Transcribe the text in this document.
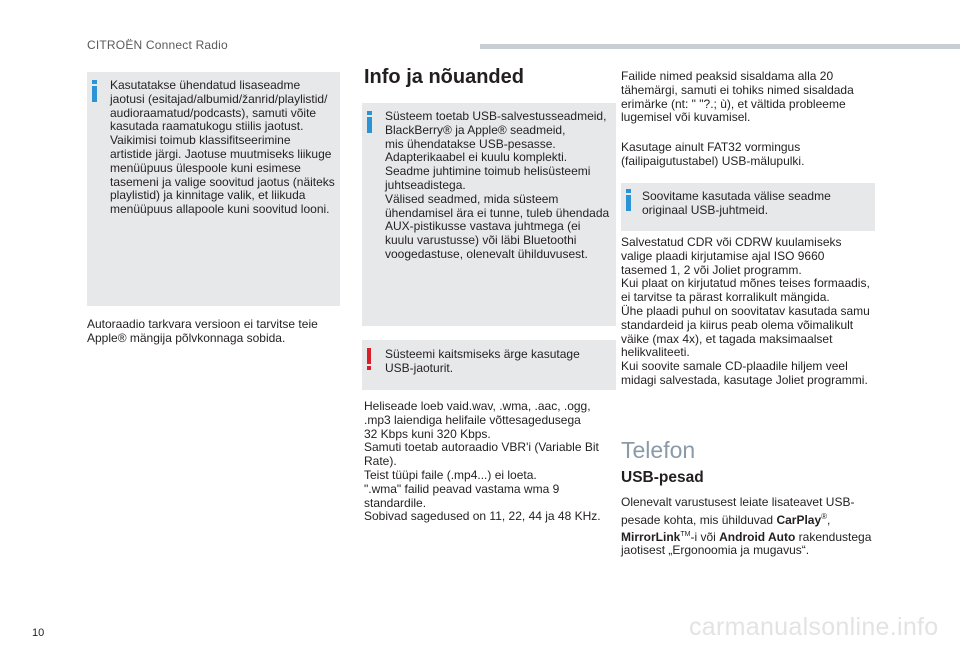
CITROËN Connect Radio
Kasutatakse ühendatud lisaseadme
jaotusi (esitajad/albumid/žanrid/playlistid/
audioraamatud/podcasts), samuti võite
kasutada raamatukogu stiilis jaotust.
Vaikimisi toimub klassifitseerimine
artistide järgi. Jaotuse muutmiseks liikuge
menüüpuus ülespoole kuni esimese
tasemeni ja valige soovitud jaotus (näiteks
playlistid) ja kinnitage valik, et liikuda
menüüpuus allapoole kuni soovitud looni.
Autoraadio tarkvara versioon ei tarvitse teie
Apple® mängija põlvkonnaga sobida.
Info ja nõuanded
Süsteem toetab USB-salvestusseadmeid,
BlackBerry® ja Apple® seadmeid,
mis ühendatakse USB-pesasse.
Adapterikaabel ei kuulu komplekti.
Seadme juhtimine toimub helisüsteemi
juhtseadistega.
Välised seadmed, mida süsteem
ühendamisel ära ei tunne, tuleb ühendada
AUX-pistikusse vastava juhtmega (ei
kuulu varustusse) või läbi Bluetoothi
voogedastuse, olenevalt ühilduvusest.
Süsteemi kaitsmiseks ärge kasutage
USB-jaoturit.
Heliseade loeb vaid.wav, .wma, .aac, .ogg,
.mp3 laiendiga helifaile võttesagedusega
32 Kbps kuni 320 Kbps.
Samuti toetab autoraadio VBR'i (Variable Bit
Rate).
Teist tüüpi faile (.mp4...) ei loeta.
".wma" failid peavad vastama wma 9
standardile.
Sobivad sagedused on 11, 22, 44 ja 48 KHz.
Failide nimed peaksid sisaldama alla 20
tähemärgi, samuti ei tohiks nimed sisaldada
erimärke (nt: " "?.; ù), et vältida probleeme
lugemisel või kuvamisel.
Kasutage ainult FAT32 vormingus
(failipaigutustabel) USB-mälupulki.
Soovitame kasutada välise seadme
originaal USB-juhtmeid.
Salvestatud CDR või CDRW kuulamiseks
valige plaadi kirjutamise ajal ISO 9660
tasemed 1, 2 või Joliet programm.
Kui plaat on kirjutatud mõnes teises formaadis,
ei tarvitse ta pärast korralikult mängida.
Ühe plaadi puhul on soovitatav kasutada samu
standardeid ja kiirus peab olema võimalikult
väike (max 4x), et tagada maksimaalset
helikvaliteeti.
Kui soovite samale CD-plaadile hiljem veel
midagi salvestada, kasutage Joliet programmi.
Telefon
USB-pesad
Olenevalt varustusest leiate lisateavet USB-
pesade kohta, mis ühilduvad CarPlay®,
MirrorLink™-i või Android Auto rakendustega
jaotisest „Ergonoomia ja mugavus“.
10	carmanualsonline.info
